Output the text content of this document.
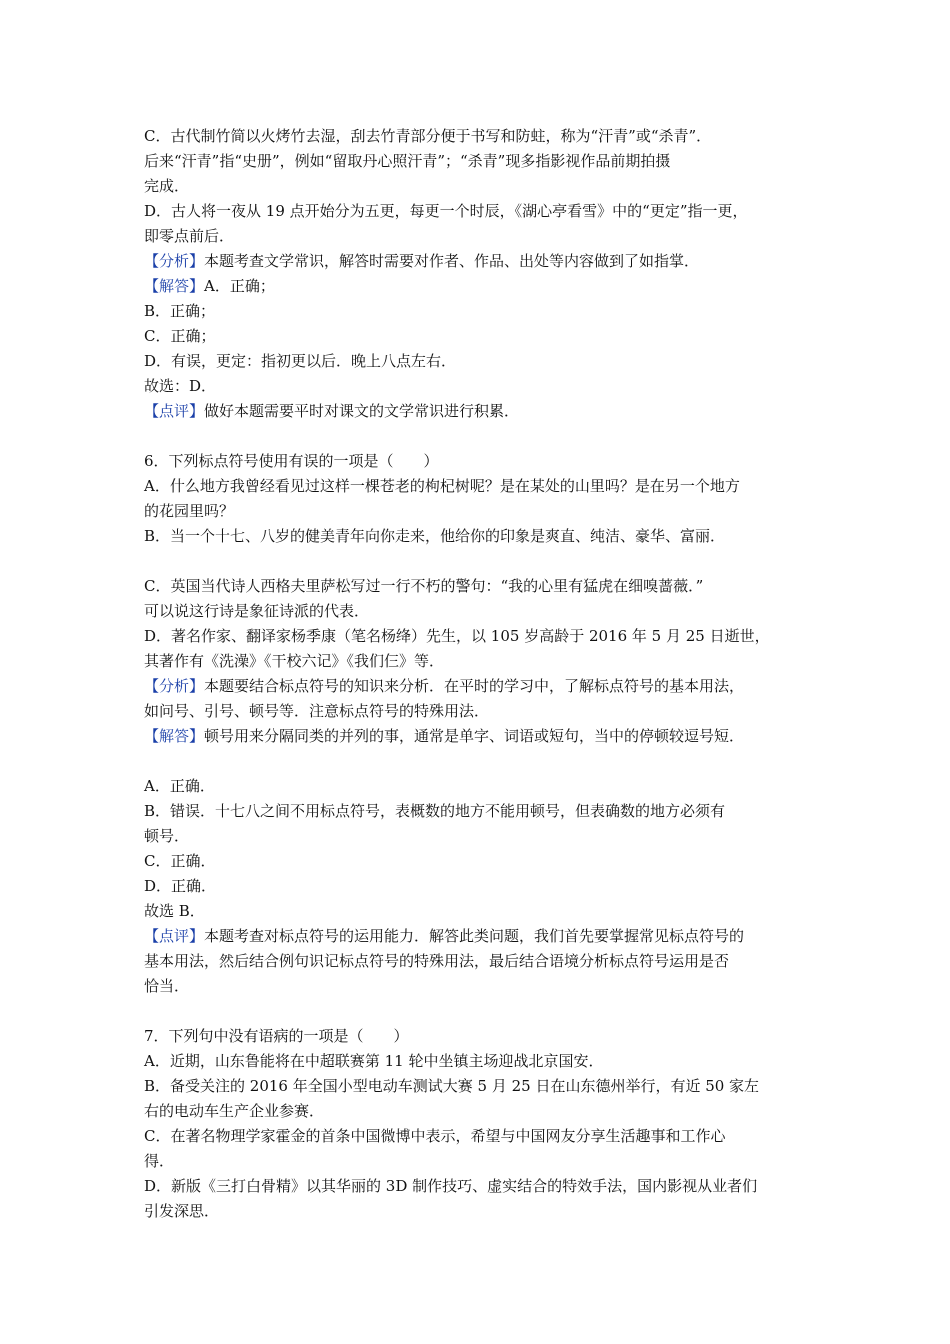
C．古代制竹简以火烤竹去湿，刮去竹青部分便于书写和防蛀，称为“汗青”或“杀青”．
后来“汗青”指“史册”，例如“留取丹心照汗青”；“杀青”现多指影视作品前期拍摄
完成．
D．古人将一夜从 19 点开始分为五更，每更一个时辰，《湖心亭看雪》中的“更定”指一更，
即零点前后．
【分析】本题考查文学常识，解答时需要对作者、作品、出处等内容做到了如指掌．
【解答】A．正确；
B．正确；
C．正确；
D．有误，更定：指初更以后．晚上八点左右．
故选：D．
【点评】做好本题需要平时对课文的文学常识进行积累．
6．下列标点符号使用有误的一项是（　　）
A．什么地方我曾经看见过这样一棵苍老的枸杞树呢？是在某处的山里吗？是在另一个地方
的花园里吗？
B．当一个十七、八岁的健美青年向你走来，他给你的印象是爽直、纯洁、豪华、富丽．
C．英国当代诗人西格夫里萨松写过一行不朽的警句：“我的心里有猛虎在细嗅蔷薇．”
可以说这行诗是象征诗派的代表．
D．著名作家、翻译家杨季康（笔名杨绛）先生，以 105 岁高龄于 2016 年 5 月 25 日逝世，
其著作有《洗澡》《干校六记》《我们仨》等．
【分析】本题要结合标点符号的知识来分析．在平时的学习中，了解标点符号的基本用法，
如问号、引号、顿号等．注意标点符号的特殊用法．
【解答】顿号用来分隔同类的并列的事，通常是单字、词语或短句，当中的停顿较逗号短．
A．正确．
B．错误．十七八之间不用标点符号，表概数的地方不能用顿号，但表确数的地方必须有
顿号．
C．正确．
D．正确．
故选 B．
【点评】本题考查对标点符号的运用能力．解答此类问题，我们首先要掌握常见标点符号的
基本用法，然后结合例句识记标点符号的特殊用法，最后结合语境分析标点符号运用是否
恰当．
7．下列句中没有语病的一项是（　　）
A．近期，山东鲁能将在中超联赛第 11 轮中坐镇主场迎战北京国安．
B．备受关注的 2016 年全国小型电动车测试大赛 5 月 25 日在山东德州举行，有近 50 家左
右的电动车生产企业参赛．
C．在著名物理学家霍金的首条中国微博中表示，希望与中国网友分享生活趣事和工作心
得．
D．新版《三打白骨精》以其华丽的 3D 制作技巧、虚实结合的特效手法，国内影视从业者们
引发深思．
